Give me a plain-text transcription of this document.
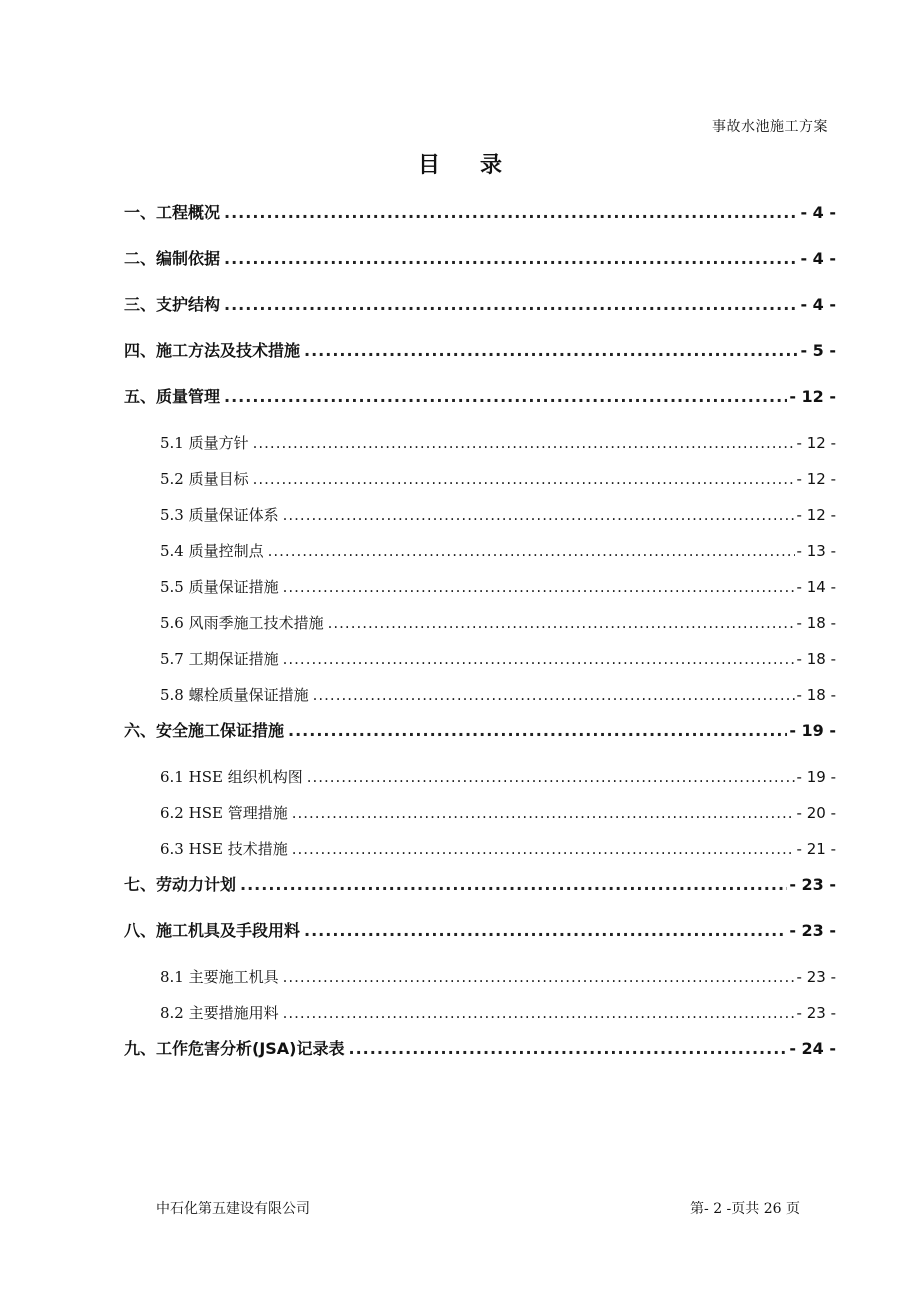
事故水池施工方案
目 录
一、工程概况 .....	- 4 -
二、编制依据 .....	- 4 -
三、支护结构 .....	- 4 -
四、施工方法及技术措施 .....	- 5 -
五、质量管理 .....	- 12 -
5.1 质量方针 .....	- 12 -
5.2 质量目标 .....	- 12 -
5.3 质量保证体系 .....	- 12 -
5.4 质量控制点 .....	- 13 -
5.5 质量保证措施 .....	- 14 -
5.6 风雨季施工技术措施 .....	- 18 -
5.7 工期保证措施 .....	- 18 -
5.8 螺栓质量保证措施 .....	- 18 -
六、安全施工保证措施 .....	- 19 -
6.1 HSE 组织机构图 .....	- 19 -
6.2 HSE 管理措施 .....	- 20 -
6.3 HSE 技术措施 .....	- 21 -
七、劳动力计划 .....	- 23 -
八、施工机具及手段用料 .....	- 23 -
8.1 主要施工机具 .....	- 23 -
8.2 主要措施用料 .....	- 23 -
九、工作危害分析(JSA)记录表 .....	- 24 -
中石化第五建设有限公司	第- 2 -页共 26 页
